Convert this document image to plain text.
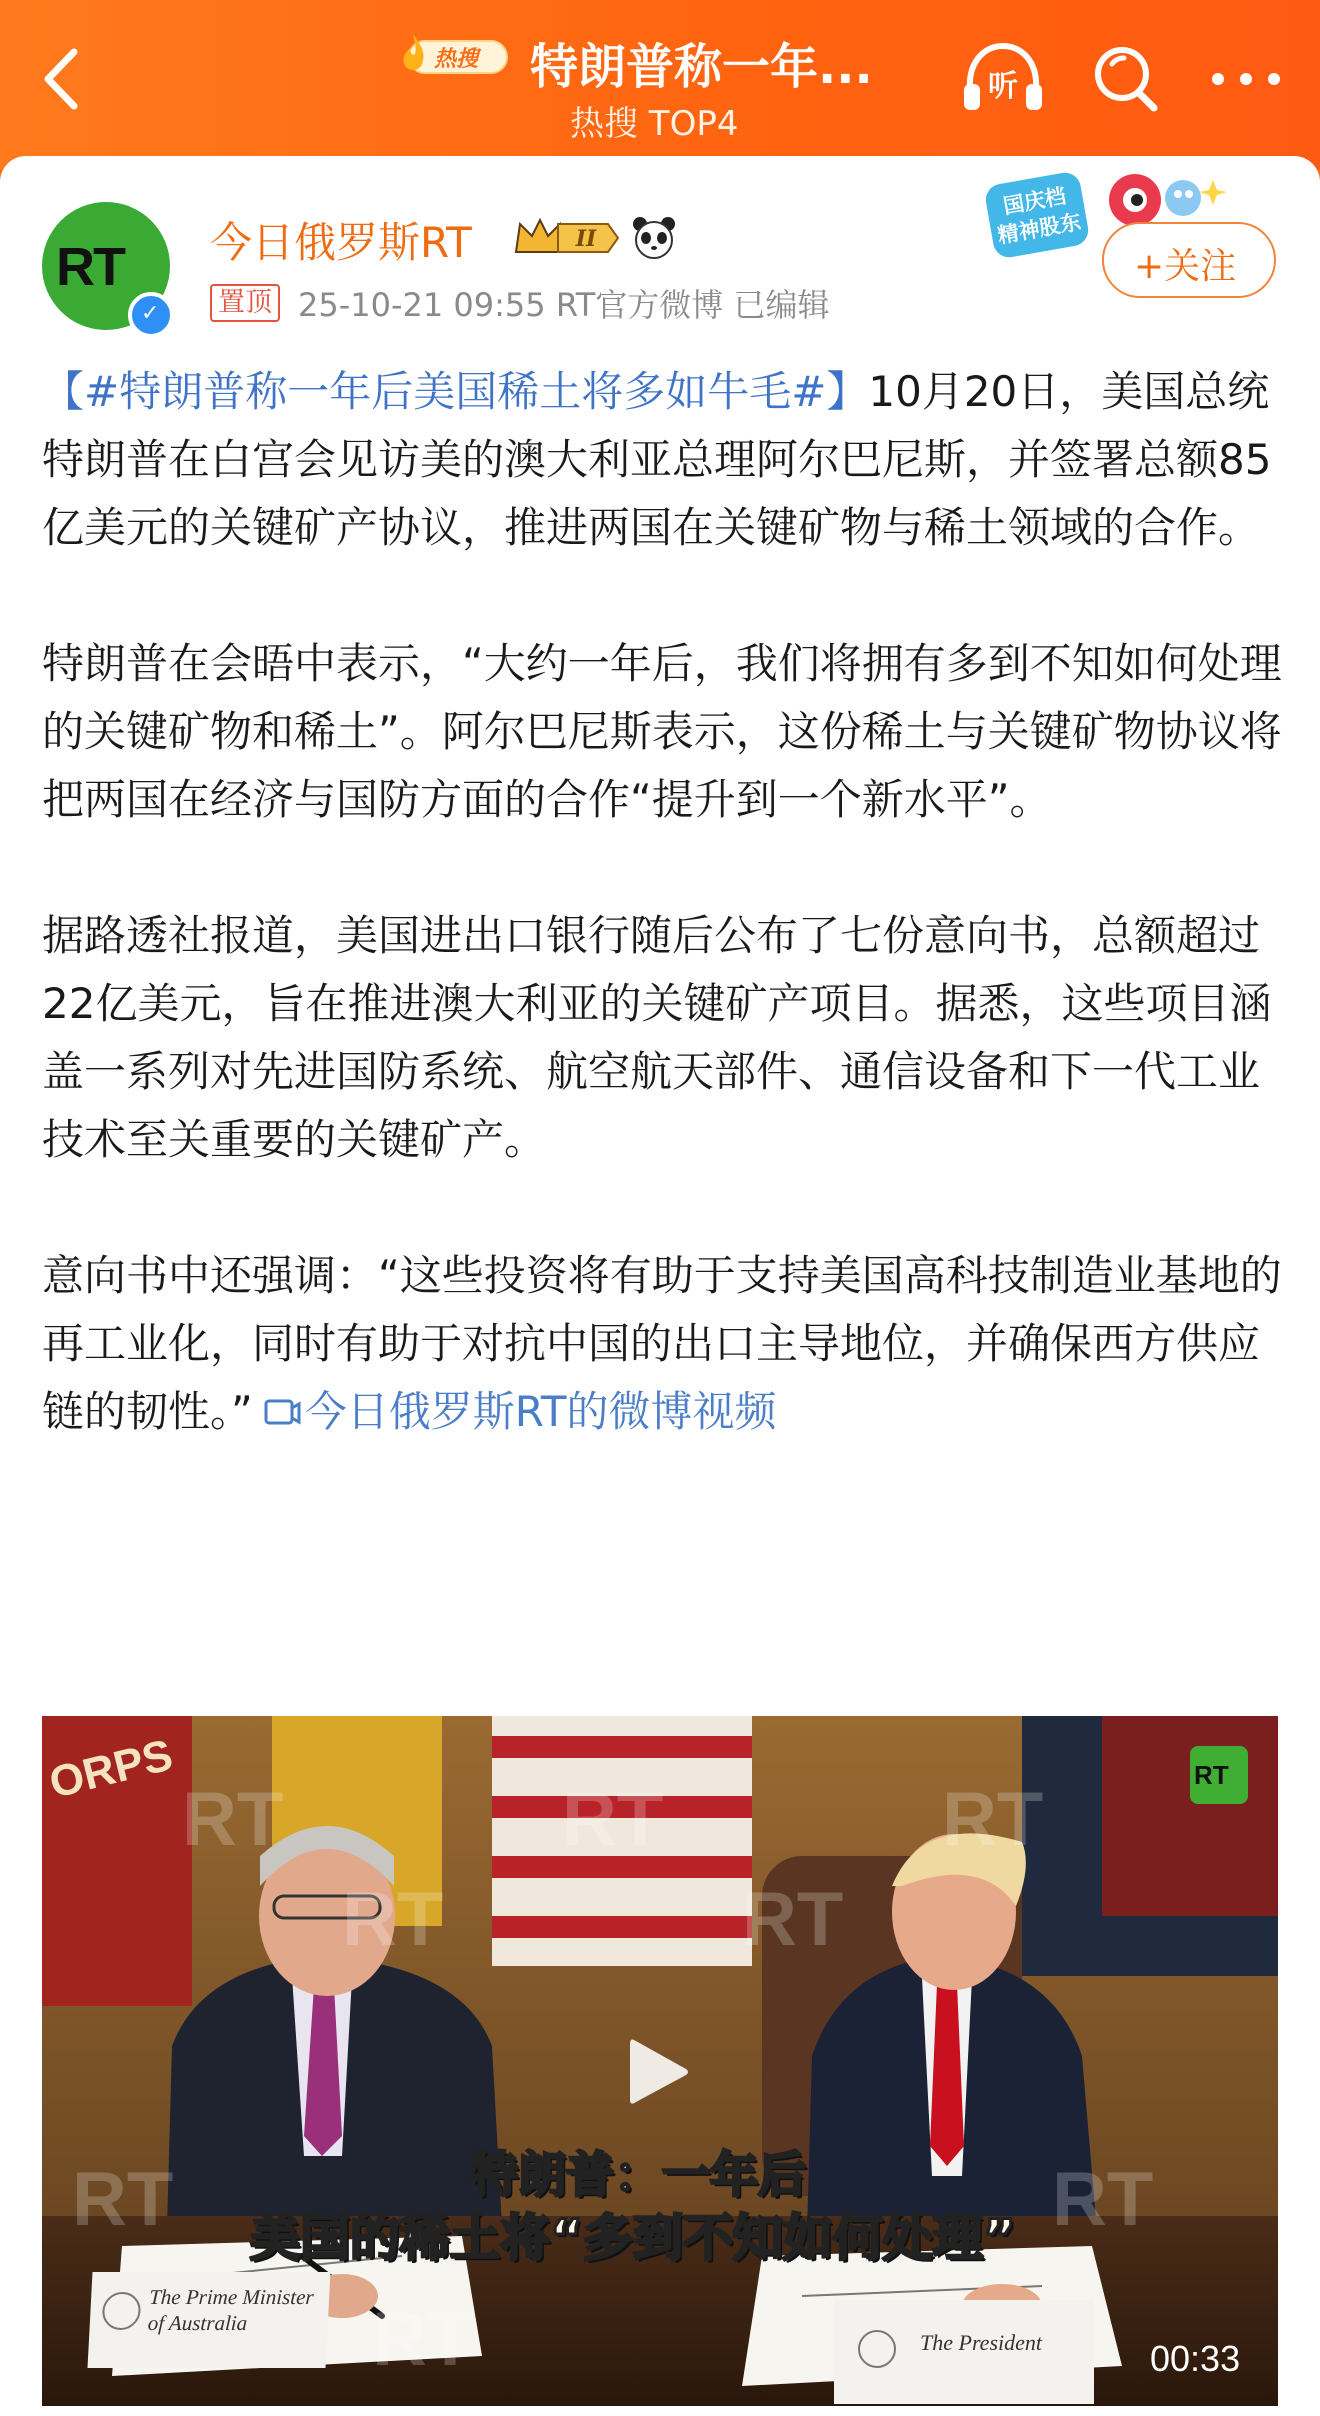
热搜 特朗普称一年...
热搜 TOP4
听
RT
✓
今日俄罗斯RT	II
置顶 25-10-21 09:55 RT官方微博 已编辑
国庆档
精神股东
+关注

【#特朗普称一年后美国稀土将多如牛毛#】10月20日，美国总统特朗普在白宫会见访美的澳大利亚总理阿尔巴尼斯，并签署总额85亿美元的关键矿产协议，推进两国在关键矿物与稀土领域的合作。

特朗普在会晤中表示，“大约一年后，我们将拥有多到不知如何处理的关键矿物和稀土”。阿尔巴尼斯表示，这份稀土与关键矿物协议将把两国在经济与国防方面的合作“提升到一个新水平”。

据路透社报道，美国进出口银行随后公布了七份意向书，总额超过22亿美元，旨在推进澳大利亚的关键矿产项目。据悉，这些项目涵盖一系列对先进国防系统、航空航天部件、通信设备和下一代工业技术至关重要的关键矿产。

意向书中还强调：“这些投资将有助于支持美国高科技制造业基地的再工业化，同时有助于对抗中国的出口主导地位，并确保西方供应链的韧性。” 今日俄罗斯RT的微博视频

ORPS
RT	RT	RT
RT	RT
RT	RT
RT
RT
The Prime Minister
of Australia
The President
特朗普：一年后
美国的稀土将“多到不知如何处理”
00:33
